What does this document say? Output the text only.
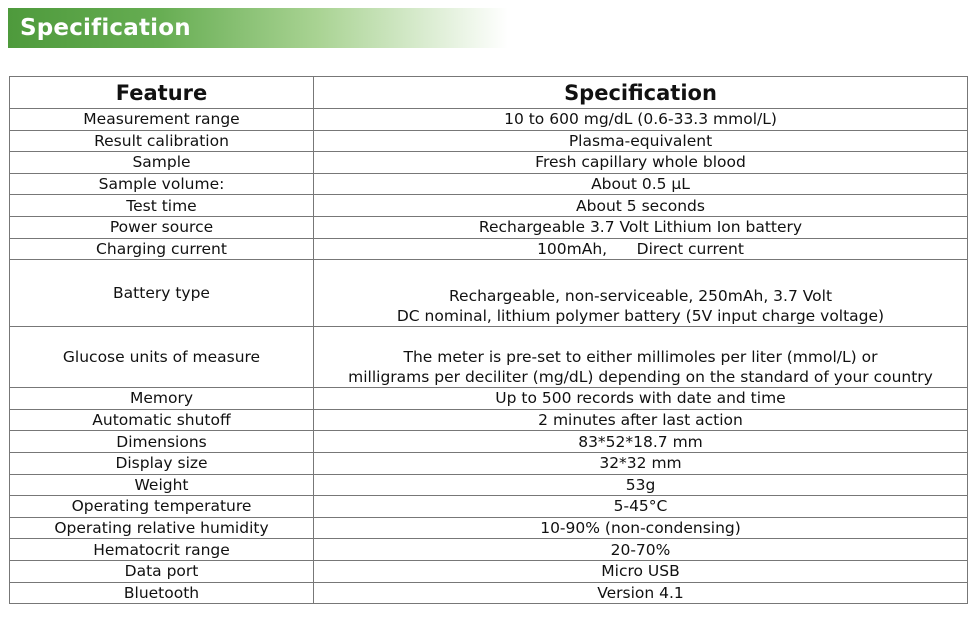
Specification
Feature	Specification
Measurement range	10 to 600 mg/dL (0.6-33.3 mmol/L)
Result calibration	Plasma-equivalent
Sample	Fresh capillary whole blood
Sample volume:	About 0.5 μL
Test time	About 5 seconds
Power source	Rechargeable 3.7 Volt Lithium Ion battery
Charging current	100mAh,      Direct current
Battery type	Rechargeable, non-serviceable, 250mAh, 3.7 Volt
DC nominal, lithium polymer battery (5V input charge voltage)

Glucose units of measure	The meter is pre-set to either millimoles per liter (mmol/L) or
milligrams per deciliter (mg/dL) depending on the standard of your country

Memory	Up to 500 records with date and time
Automatic shutoff	2 minutes after last action
Dimensions	83*52*18.7 mm
Display size	32*32 mm
Weight	53g
Operating temperature	5-45°C
Operating relative humidity	10-90% (non-condensing)
Hematocrit range	20-70%
Data port	Micro USB
Bluetooth	Version 4.1
